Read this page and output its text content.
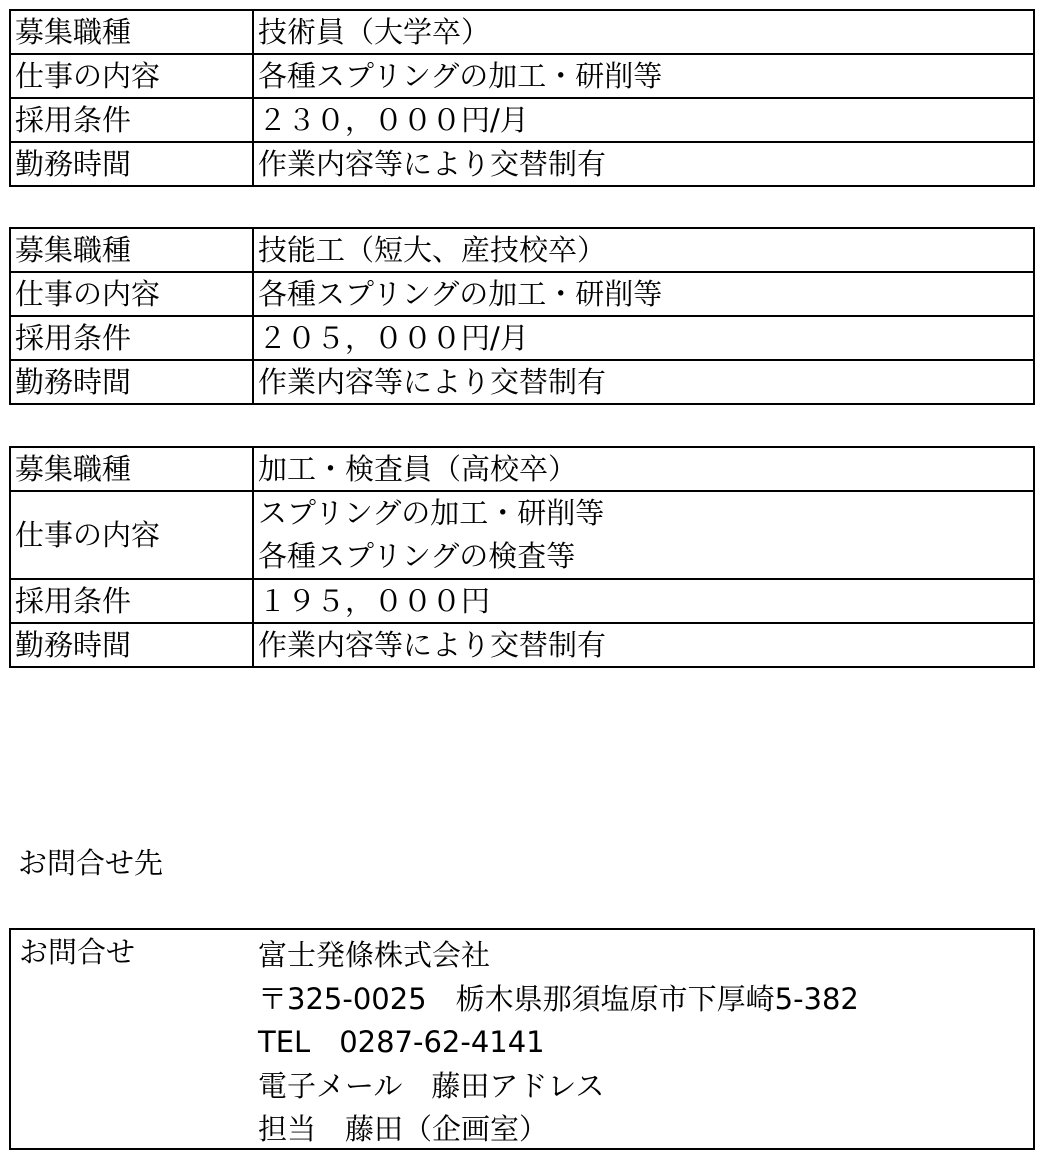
募集職種	技術員（大学卒）
仕事の内容	各種スプリングの加工・研削等
採用条件	２３０，０００円/月
勤務時間	作業内容等により交替制有
募集職種	技能工（短大、産技校卒）
仕事の内容	各種スプリングの加工・研削等
採用条件	２０５，０００円/月
勤務時間	作業内容等により交替制有
募集職種	加工・検査員（高校卒）
仕事の内容	スプリングの加工・研削等
各種スプリングの検査等

採用条件	１９５，０００円
勤務時間	作業内容等により交替制有
お問合せ先
お問合せ	富士発條株式会社
〒325-0025　栃木県那須塩原市下厚崎5-382
TEL　0287-62-4141
電子メール　藤田アドレス
担当　藤田（企画室）
